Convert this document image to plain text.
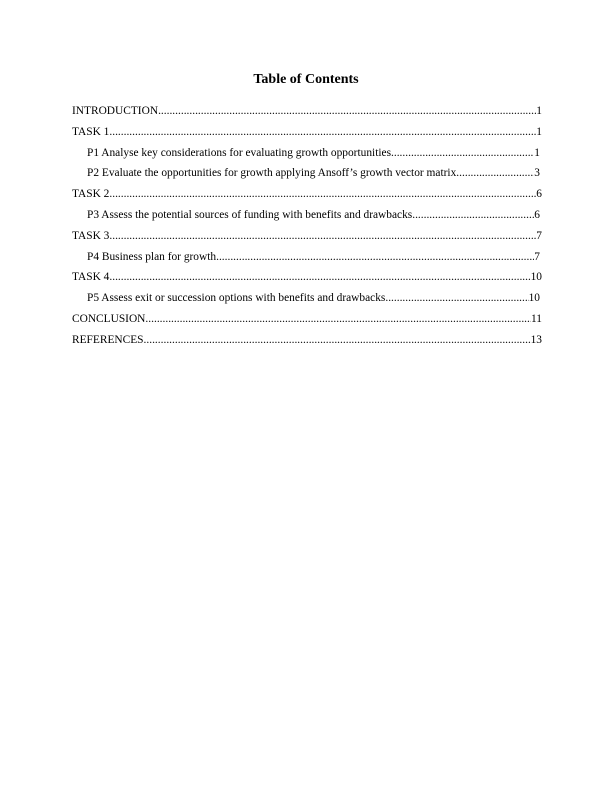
Table of Contents
INTRODUCTION .....	1
TASK 1 .....	1
P1 Analyse key considerations for evaluating growth opportunities .....	1
P2 Evaluate the opportunities for growth applying Ansoff’s growth vector matrix .....	3
TASK 2 .....	6
P3 Assess the potential sources of funding with benefits and drawbacks .....	6
TASK 3 .....	7
P4 Business plan for growth .....	7
TASK 4 .....	10
P5 Assess exit or succession options with benefits and drawbacks .....	10
CONCLUSION .....	11
REFERENCES .....	13
